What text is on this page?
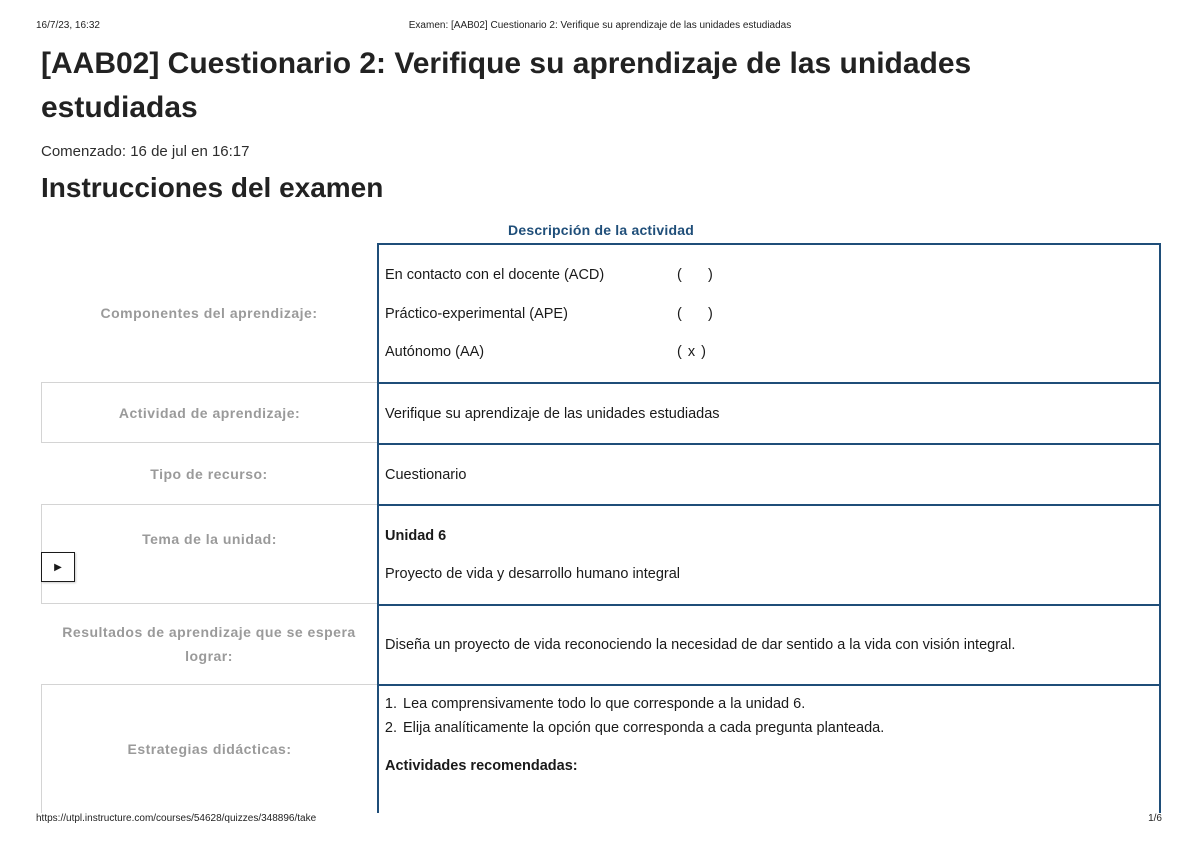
16/7/23, 16:32	Examen: [AAB02] Cuestionario 2: Verifique su aprendizaje de las unidades estudiadas
[AAB02] Cuestionario 2: Verifique su aprendizaje de las unidades estudiadas
Comenzado: 16 de jul en 16:17
Instrucciones del examen
Descripción de la actividad
Componentes del aprendizaje:
En contacto con el docente (ACD)	(     )
Práctico-experimental (APE)	(     )
Autónomo (AA)	( x )
Actividad de aprendizaje:	Verifique su aprendizaje de las unidades estudiadas
Tipo de recurso:	Cuestionario
Tema de la unidad:
▶
Unidad 6
Proyecto de vida y desarrollo humano integral
Resultados de aprendizaje que se espera lograr:
Diseña un proyecto de vida reconociendo la necesidad de dar sentido a la vida con visión integral.
Estrategias didácticas:
1. Lea comprensivamente todo lo que corresponde a la unidad 6.
2. Elija analíticamente la opción que corresponda a cada pregunta planteada.
Actividades recomendadas:
https://utpl.instructure.com/courses/54628/quizzes/348896/take	1/6
